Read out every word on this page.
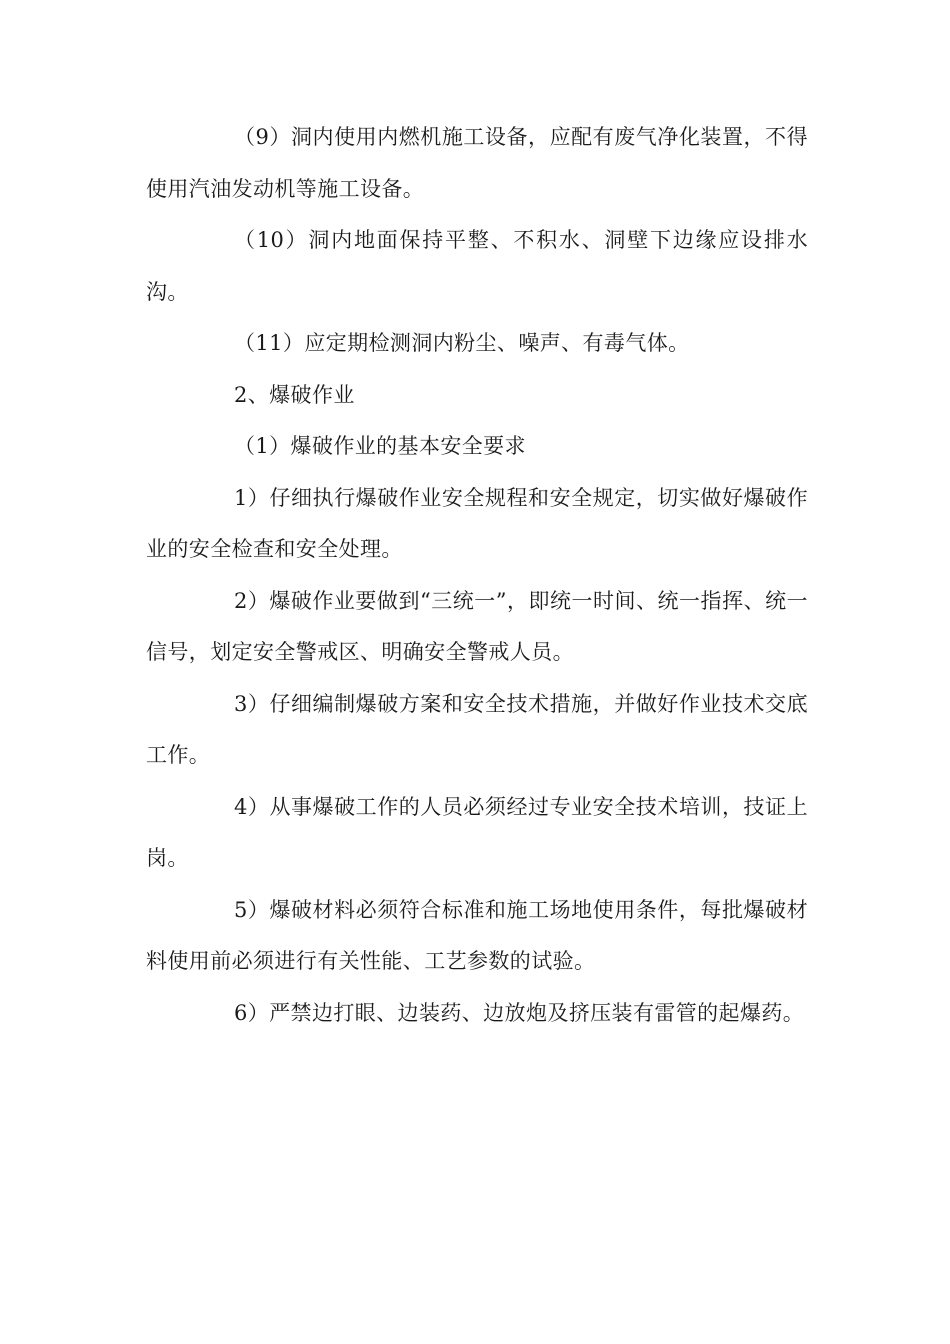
（9）洞内使用内燃机施工设备，应配有废气净化装置，不得使用汽油发动机等施工设备。

（10）洞内地面保持平整、不积水、洞壁下边缘应设排水沟。

（11）应定期检测洞内粉尘、噪声、有毒气体。

2、爆破作业

（1）爆破作业的基本安全要求

1）仔细执行爆破作业安全规程和安全规定，切实做好爆破作业的安全检查和安全处理。

2）爆破作业要做到“三统一”，即统一时间、统一指挥、统一信号，划定安全警戒区、明确安全警戒人员。

3）仔细编制爆破方案和安全技术措施，并做好作业技术交底工作。

4）从事爆破工作的人员必须经过专业安全技术培训，技证上岗。

5）爆破材料必须符合标准和施工场地使用条件，每批爆破材料使用前必须进行有关性能、工艺参数的试验。

6）严禁边打眼、边装药、边放炮及挤压装有雷管的起爆药。
